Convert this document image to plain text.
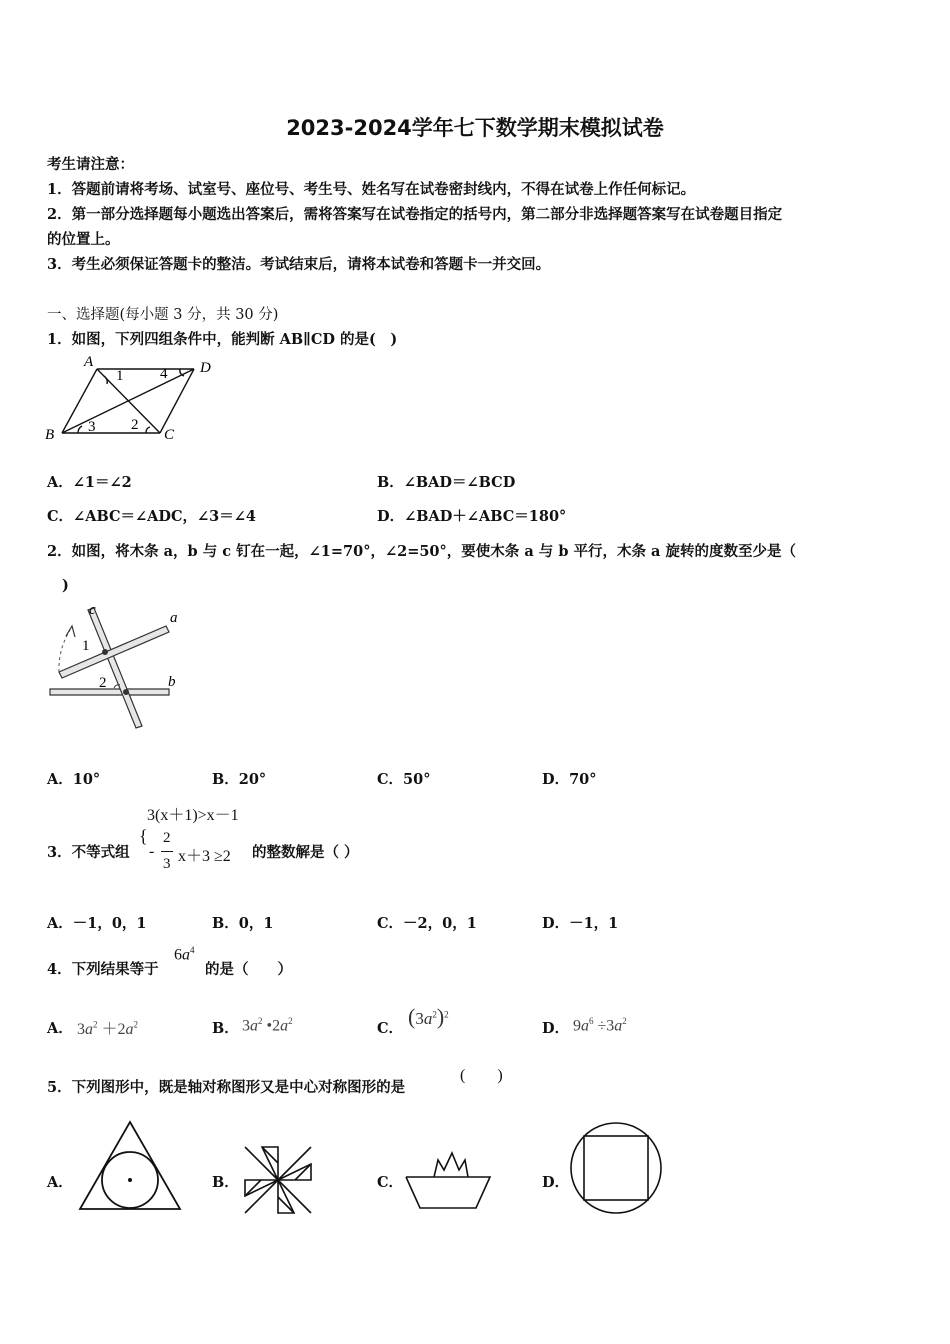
2023-2024学年七下数学期末模拟试卷
考生请注意：
1．答题前请将考场、试室号、座位号、考生号、姓名写在试卷密封线内，不得在试卷上作任何标记。
2．第一部分选择题每小题选出答案后，需将答案写在试卷指定的括号内，第二部分非选择题答案写在试卷题目指定
的位置上。
3．考生必须保证答题卡的整洁。考试结束后，请将本试卷和答题卡一并交回。
一、选择题(每小题 3 分，共 30 分)
1．如图，下列四组条件中，能判断 AB∥CD 的是(　)
A	D
B	C
1 4
3 2
A．∠1＝∠2	B．∠BAD＝∠BCD
C．∠ABC＝∠ADC，∠3＝∠4	D．∠BAD＋∠ABC＝180°
2．如图，将木条 a，b 与 c 钉在一起，∠1=70°，∠2=50°，要使木条 a 与 b 平行，木条 a 旋转的度数至少是（
)
a
b
c
1
2
A．10°	B．20°	C．50°	D．70°
3．不等式组
{
3(x＋1)>x－1
-
2
3 x＋3 ≥2 的整数解是（ ）
A．－1，0，1	B．0，1	C．－2，0，1	D．－1，1
4．下列结果等于
$6a^4$
的是（　　）
A． $3a^2 +2a^2$	B． $3a^2$ $•2a^2$	C． $(3a^2)^2$
D． $9a^6 \div 3a^2$
5．下列图形中，既是轴对称图形又是中心对称图形的是
(　　)
A．	B．	C．	D．
